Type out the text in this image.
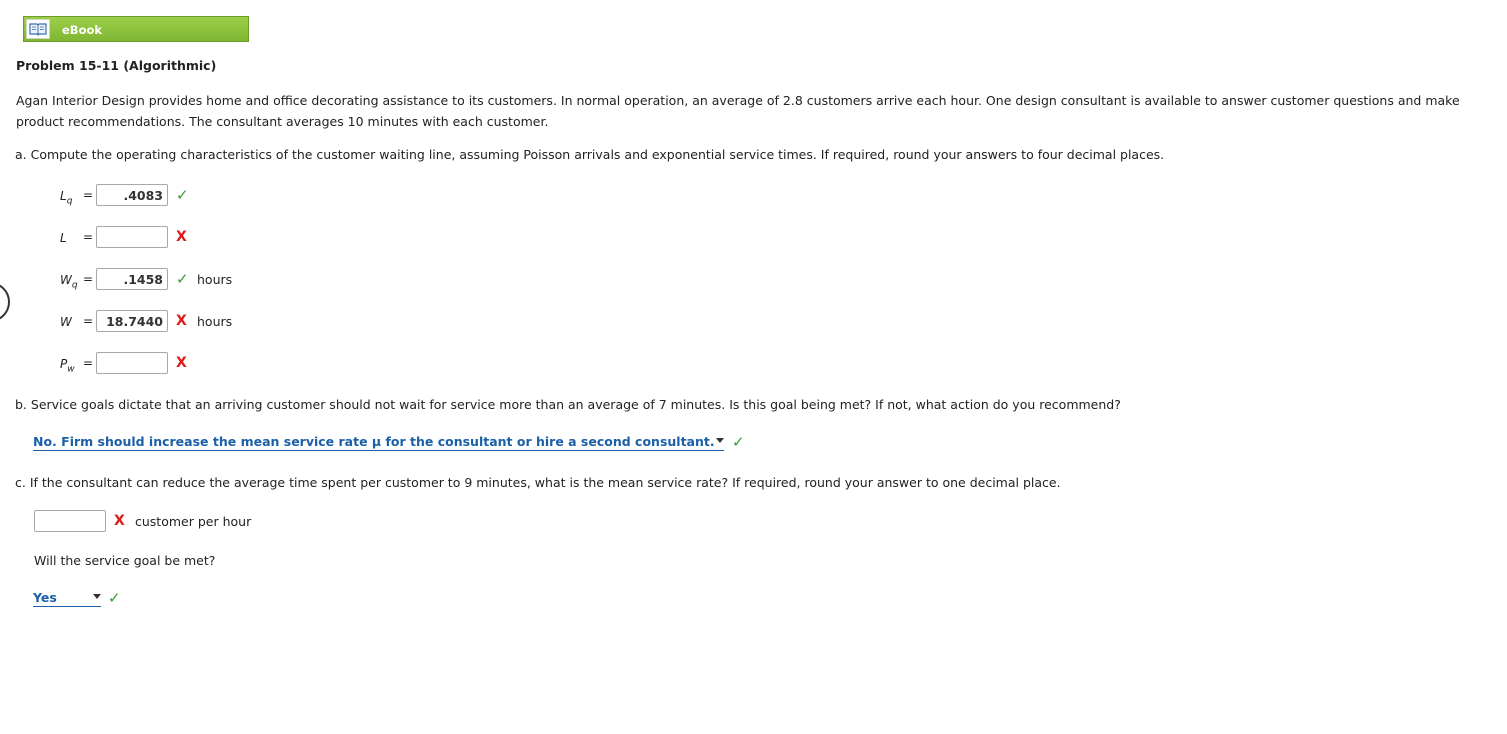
eBook
Problem 15-11 (Algorithmic)
Agan Interior Design provides home and office decorating assistance to its customers. In normal operation, an average of 2.8 customers arrive each hour. One design consultant is available to answer customer questions and make product recommendations. The consultant averages 10 minutes with each customer.
a. Compute the operating characteristics of the customer waiting line, assuming Poisson arrivals and exponential service times. If required, round your answers to four decimal places.
$L_q$ =
.4083	✓
L =	X
$W_q$ =
.1458	✓ hours
W =
18.7440	X hours
$P_w$ =	X
b. Service goals dictate that an arriving customer should not wait for service more than an average of 7 minutes. Is this goal being met? If not, what action do you recommend?
No. Firm should increase the mean service rate μ for the consultant or hire a second consultant.	✓
c. If the consultant can reduce the average time spent per customer to 9 minutes, what is the mean service rate? If required, round your answer to one decimal place.
X customer per hour
Will the service goal be met?
Yes	✓
